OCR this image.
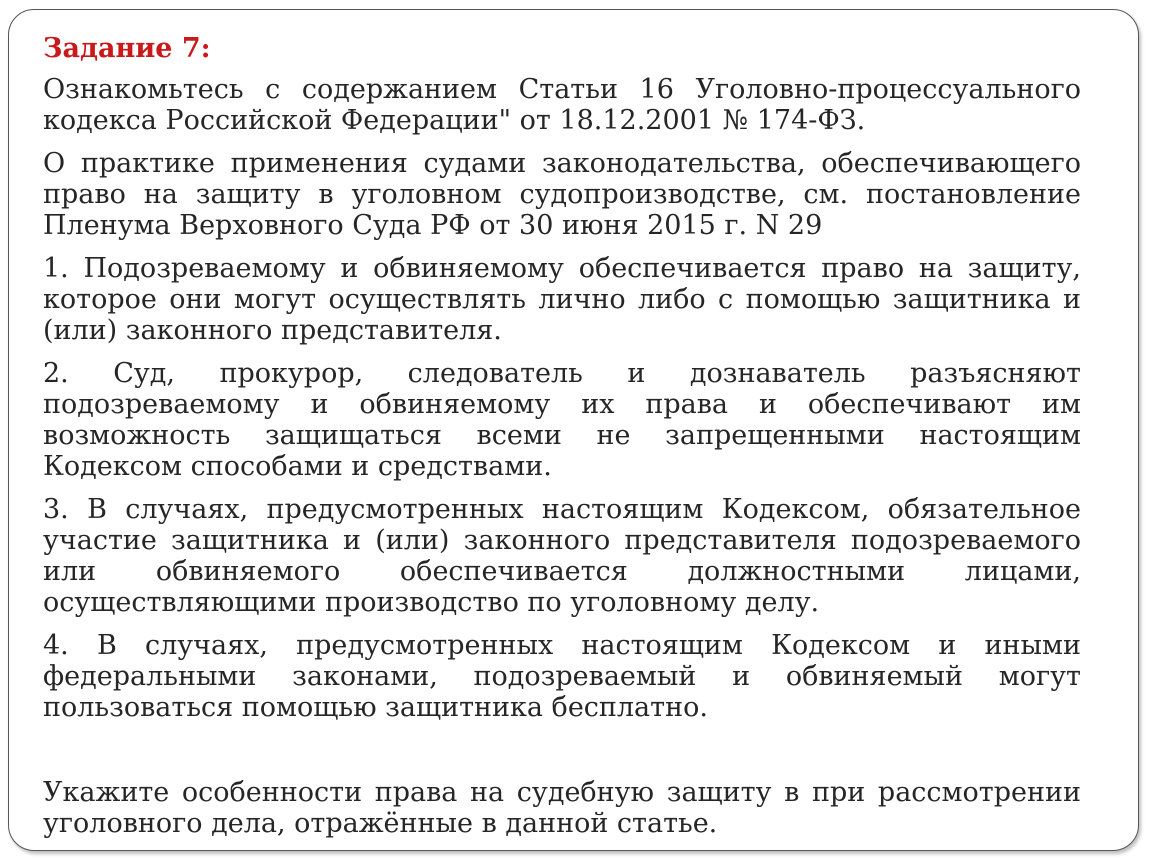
Задание 7:
Ознакомьтесь с содержанием Статьи 16 Уголовно-процессуального кодекса Российской Федерации" от 18.12.2001 № 174-ФЗ.
О практике применения судами законодательства, обеспечивающего право на защиту в уголовном судопроизводстве, см. постановление Пленума Верховного Суда РФ от 30 июня 2015 г. N 29
1. Подозреваемому и обвиняемому обеспечивается право на защиту, которое они могут осуществлять лично либо с помощью защитника и (или) законного представителя.
2. Суд, прокурор, следователь и дознаватель разъясняют подозреваемому и обвиняемому их права и обеспечивают им возможность защищаться всеми не запрещенными настоящим Кодексом способами и средствами.
3. В случаях, предусмотренных настоящим Кодексом, обязательное участие защитника и (или) законного представителя подозреваемого или обвиняемого обеспечивается должностными лицами, осуществляющими производство по уголовному делу.
4. В случаях, предусмотренных настоящим Кодексом и иными федеральными законами, подозреваемый и обвиняемый могут пользоваться помощью защитника бесплатно.
Укажите особенности права на судебную защиту в при рассмотрении уголовного дела, отражённые в данной статье.
